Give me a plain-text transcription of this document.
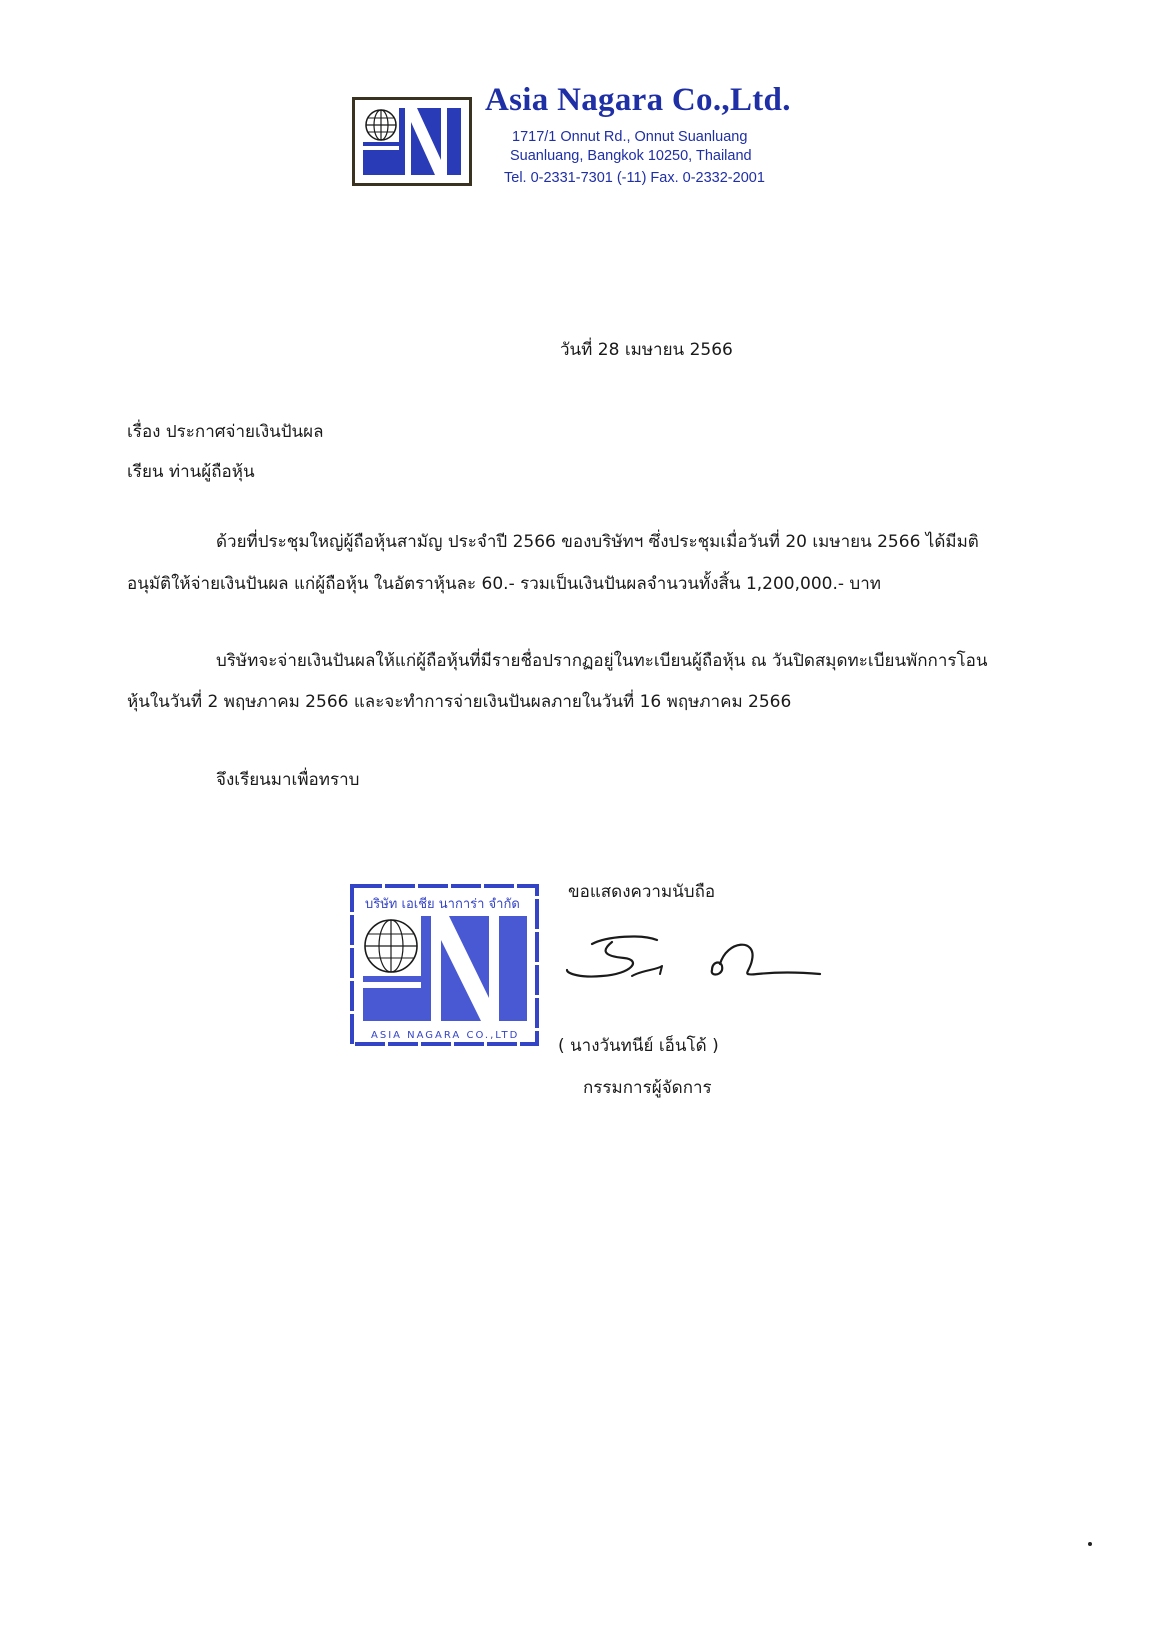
Asia Nagara Co.,Ltd.
1717/1 Onnut Rd., Onnut Suanluang
Suanluang, Bangkok 10250, Thailand
Tel. 0-2331-7301 (-11) Fax. 0-2332-2001
วันที่ 28 เมษายน 2566
เรื่อง ประกาศจ่ายเงินปันผล
เรียน ท่านผู้ถือหุ้น
ด้วยที่ประชุมใหญ่ผู้ถือหุ้นสามัญ ประจำปี 2566 ของบริษัทฯ ซึ่งประชุมเมื่อวันที่ 20 เมษายน 2566 ได้มีมติ
อนุมัติให้จ่ายเงินปันผล แก่ผู้ถือหุ้น ในอัตราหุ้นละ 60.- รวมเป็นเงินปันผลจำนวนทั้งสิ้น 1,200,000.- บาท
บริษัทจะจ่ายเงินปันผลให้แก่ผู้ถือหุ้นที่มีรายชื่อปรากฏอยู่ในทะเบียนผู้ถือหุ้น ณ วันปิดสมุดทะเบียนพักการโอน
หุ้นในวันที่ 2 พฤษภาคม 2566 และจะทำการจ่ายเงินปันผลภายในวันที่ 16 พฤษภาคม 2566
จึงเรียนมาเพื่อทราบ
บริษัท เอเชีย นาการ่า จำกัด
ASIA NAGARA CO.,LTD
ขอแสดงความนับถือ
( นางวันทนีย์ เอ็นโด้ )
กรรมการผู้จัดการ
